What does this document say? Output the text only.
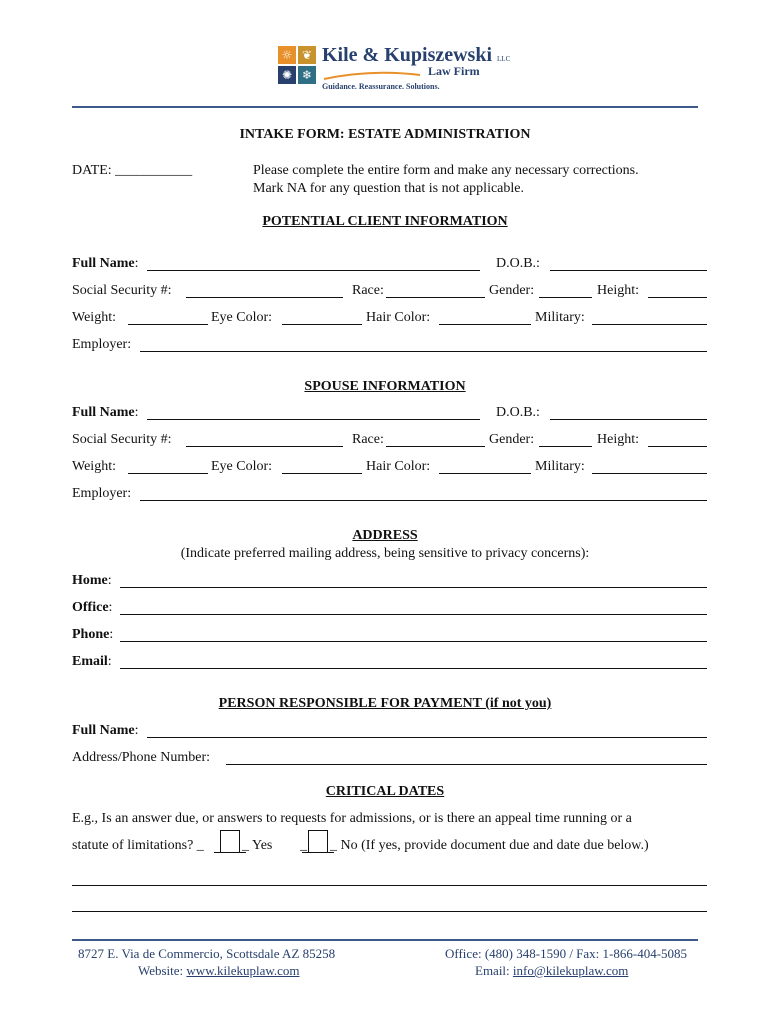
☼ ❦
✺ ❄
Kile & Kupiszewski LLC
Law Firm
Guidance. Reassurance. Solutions.
INTAKE FORM: ESTATE ADMINISTRATION
DATE: ___________	Please complete the entire form and make any necessary corrections.
Mark NA for any question that is not applicable.
POTENTIAL CLIENT INFORMATION
Full Name:	D.O.B.:
Social Security #:	Race:	Gender:	Height:
Weight:	Eye Color:	Hair Color:	Military:
Employer:
SPOUSE INFORMATION
Full Name:	D.O.B.:
Social Security #:	Race:	Gender:	Height:
Weight:	Eye Color:	Hair Color:	Military:
Employer:
ADDRESS
(Indicate preferred mailing address, being sensitive to privacy concerns):
Home:
Office:
Phone:
Email:
PERSON RESPONSIBLE FOR PAYMENT (if not you)
Full Name:
Address/Phone Number:
CRITICAL DATES
E.g., Is an answer due, or answers to requests for admissions, or is there an appeal time running or a
statute of limitations? _	_ Yes _ _ No (If yes, provide document due and date due below.)
8727 E. Via de Commercio, Scottsdale AZ 85258
Website: www.kilekuplaw.com
Office: (480) 348-1590 / Fax: 1-866-404-5085
Email: info@kilekuplaw.com
